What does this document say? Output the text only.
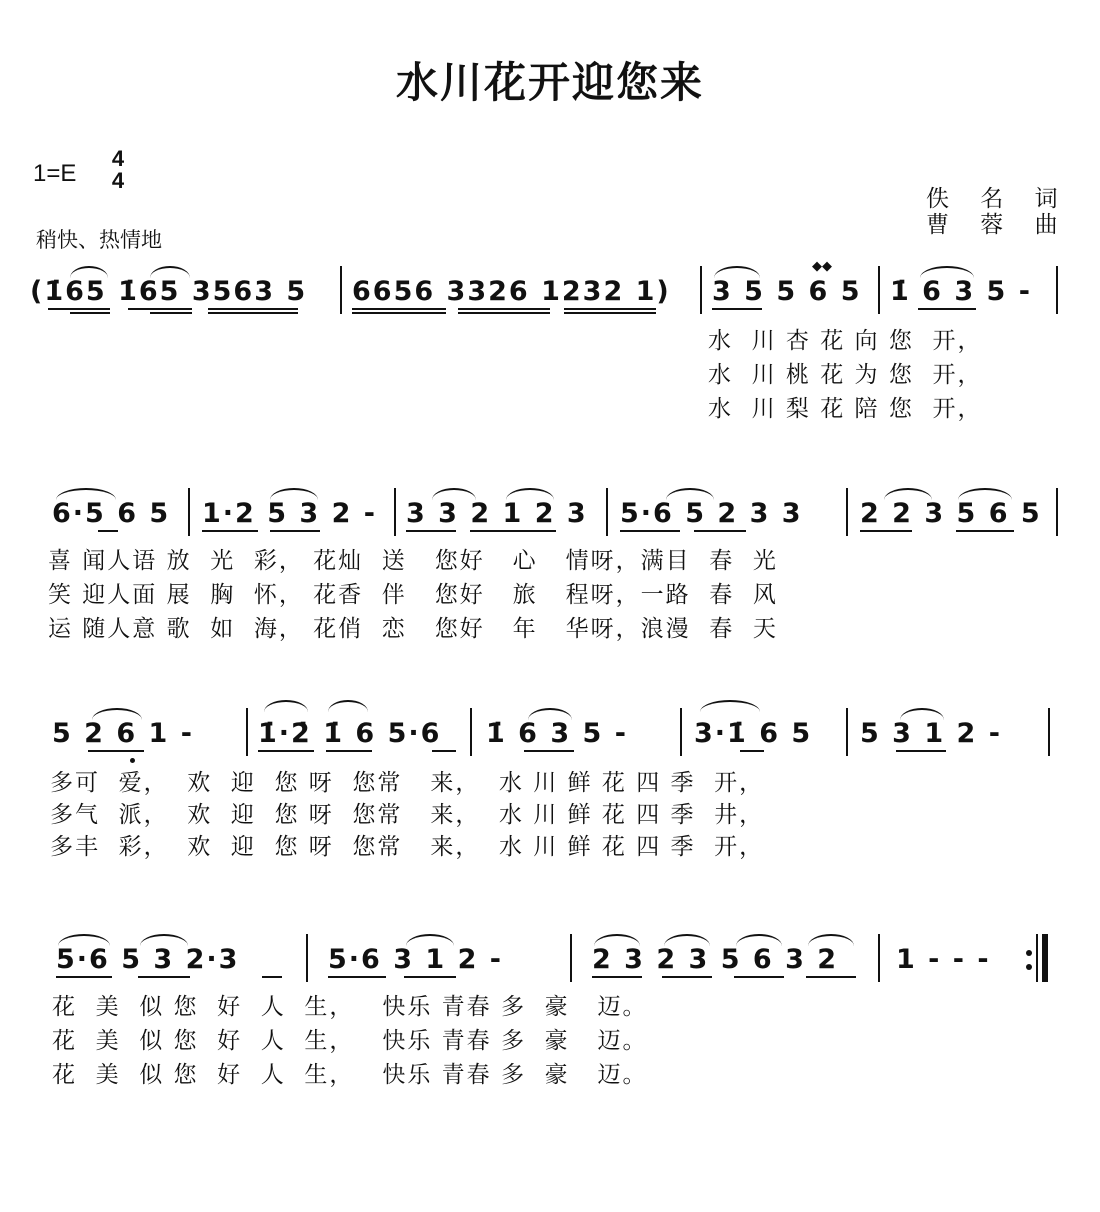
水川花开迎您来
1=E
4
4
稍快、热情地
佚 名 词
曹 蓉 曲
(1̇65 1̇65 3563 5 6656 3326 1232 1) 3 5 5 6 5 1̇ 6 3 5 -
◆◆

水  川 杏 花 向 您  开，

水  川 桃 花 为 您  开，

水  川 梨 花 陪 您  开，

6·5 6 5 1·2 5 3 2 - 3 3 2 1 2 3 5·6 5 2 3 3 2 2 3 5 6 5

喜 闻人语 放  光  彩， 花灿  送   您好   心   情呀，满目  春  光

笑 迎人面 展  胸  怀， 花香  伴   您好   旅   程呀，一路  春  风

运 随人意 歌  如  海， 花俏  恋   您好   年   华呀，浪漫  春  天

5 2 6 1 - 1̇·2̇ 1̇ 6 5·6 1̇ 6 3 5 - 3·1̇ 6 5 5 3 1 2 -

多可  爱，  欢  迎  您 呀  您常   来，  水 川 鲜 花 四 季  开，

多气  派，  欢  迎  您 呀  您常   来，  水 川 鲜 花 四 季  井，

多丰  彩，  欢  迎  您 呀  您常   来，  水 川 鲜 花 四 季  开，

5·6 5 3 2·3	5·6 3 1 2 -	2 3 2 3 5 6 3 2 1 - - -

花  美  似 您  好  人  生，   快乐 青春 多  豪   迈。

花  美  似 您  好  人  生，   快乐 青春 多  豪   迈。

花  美  似 您  好  人  生，   快乐 青春 多  豪   迈。
